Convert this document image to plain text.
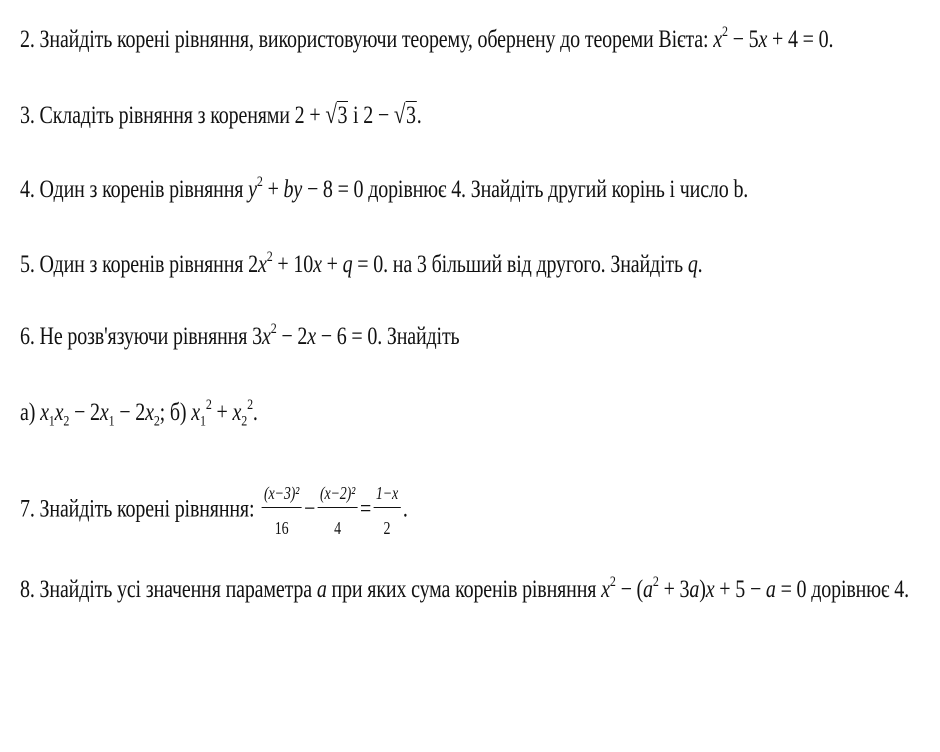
2. Знайдіть корені рівняння, використовуючи теорему, обернену до теореми Вієта: $x^2 - 5x + 4 = 0$.

3. Складіть рівняння з коренями 2 + √3 і 2 − √3.

4. Один з коренів рівняння $y^2$ + by − 8 = 0 дорівнює 4. Знайдіть другий корінь і число b.

5. Один з коренів рівняння $2x^2 + 10x + q = 0$. на 3 більший від другого. Знайдіть q.

6. Не розв'язуючи рівняння $3x^2 - 2x - 6 = 0$. Знайдіть

а) $x_1x_2 - 2x_1 - 2x_2$; б) $x_1^2 + x_2^2$.

7. Знайдіть корені рівняння: $\frac{\text{(x−3)²}}{16} - \frac{\text{(x−2)²}}{4} = \frac{1-x}{2}$ .

8. Знайдіть усі значення параметра a при яких сума коренів рівняння $x^2 - (a^2 + 3a)x + 5 - a = 0$ дорівнює 4.
